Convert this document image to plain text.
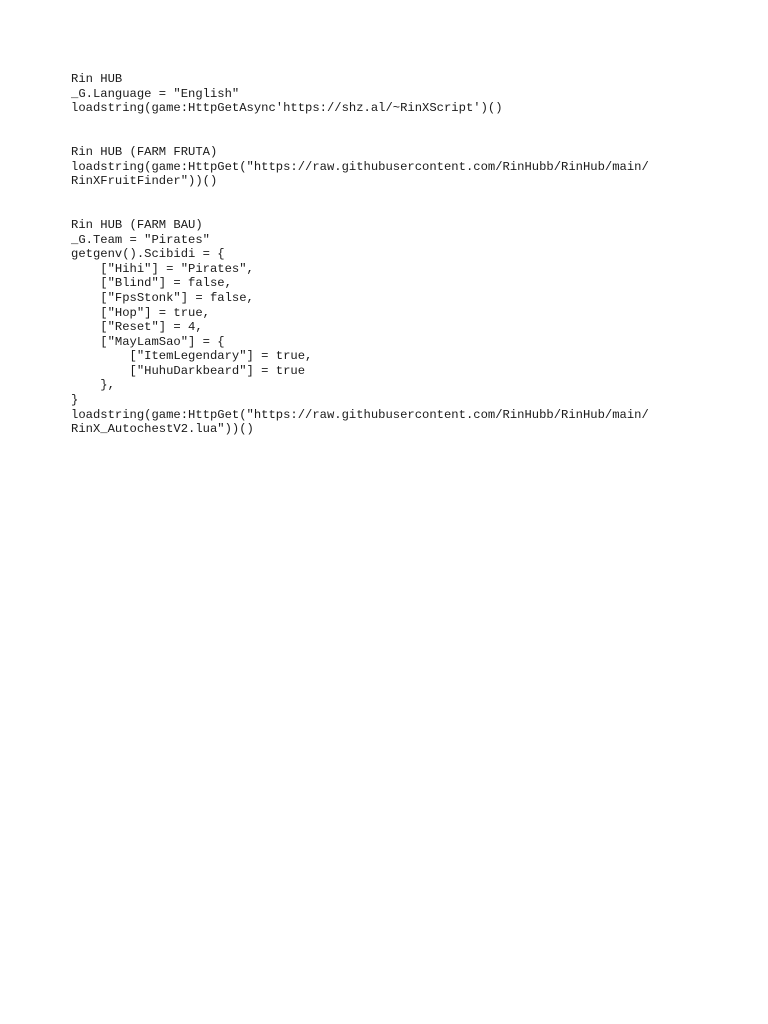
Rin HUB
_G.Language = "English"
loadstring(game:HttpGetAsync'https://shz.al/~RinXScript')()
Rin HUB (FARM FRUTA)
loadstring(game:HttpGet("https://raw.githubusercontent.com/RinHubb/RinHub/main/
RinXFruitFinder"))()
Rin HUB (FARM BAU)
_G.Team = "Pirates"
getgenv().Scibidi = {
["Hihi"] = "Pirates",
["Blind"] = false,
["FpsStonk"] = false,
["Hop"] = true,
["Reset"] = 4,
["MayLamSao"] = {
["ItemLegendary"] = true,
["HuhuDarkbeard"] = true
},
}
loadstring(game:HttpGet("https://raw.githubusercontent.com/RinHubb/RinHub/main/
RinX_AutochestV2.lua"))()
